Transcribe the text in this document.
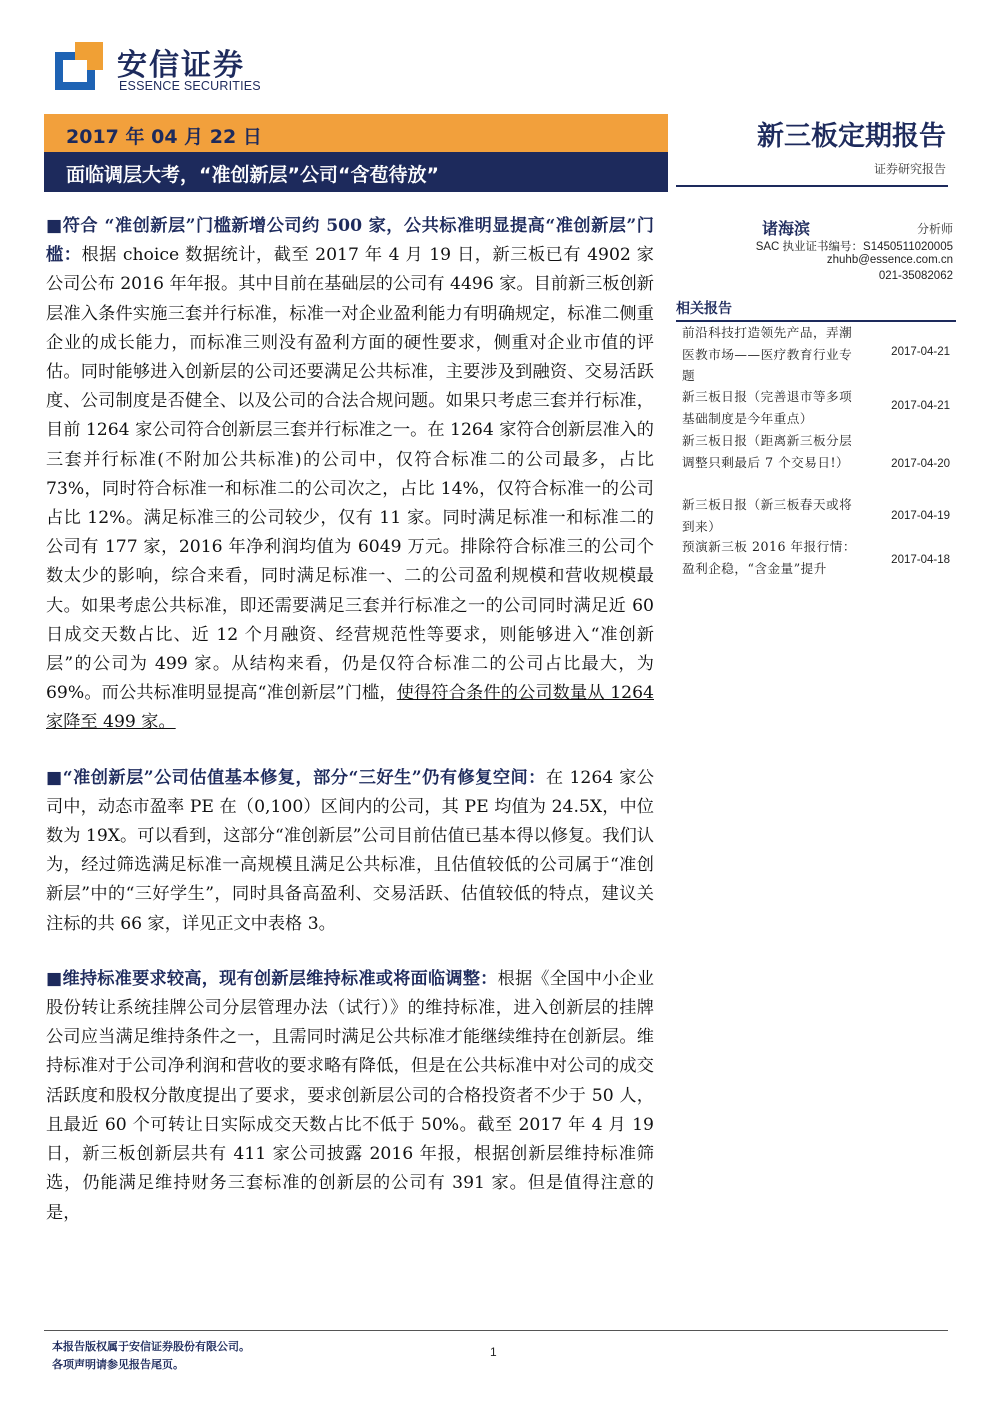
安信证券
ESSENCE SECURITIES
2017 年 04 月 22 日
面临调层大考，“准创新层”公司“含苞待放”
新三板定期报告
证券研究报告

■符合 “准创新层”门槛新增公司约 500 家，公共标准明显提高“准创新层”门槛：根据 choice 数据统计，截至 2017 年 4 月 19 日，新三板已有 4902 家公司公布 2016 年年报。其中目前在基础层的公司有 4496 家。目前新三板创新层准入条件实施三套并行标准，标准一对企业盈利能力有明确规定，标准二侧重企业的成长能力，而标准三则没有盈利方面的硬性要求，侧重对企业市值的评估。同时能够进入创新层的公司还要满足公共标准，主要涉及到融资、交易活跃度、公司制度是否健全、以及公司的合法合规问题。如果只考虑三套并行标准，目前 1264 家公司符合创新层三套并行标准之一。在 1264 家符合创新层准入的三套并行标准(不附加公共标准)的公司中，仅符合标准二的公司最多，占比 73%，同时符合标准一和标准二的公司次之，占比 14%，仅符合标准一的公司占比 12%。满足标准三的公司较少，仅有 11 家。同时满足标准一和标准二的公司有 177 家，2016 年净利润均值为 6049 万元。排除符合标准三的公司个数太少的影响，综合来看，同时满足标准一、二的公司盈利规模和营收规模最大。如果考虑公共标准，即还需要满足三套并行标准之一的公司同时满足近 60 日成交天数占比、近 12 个月融资、经营规范性等要求，则能够进入“准创新层”的公司为 499 家。从结构来看，仍是仅符合标准二的公司占比最大，为 69%。而公共标准明显提高“准创新层”门槛，使得符合条件的公司数量从 1264 家降至 499 家。

■“准创新层”公司估值基本修复，部分“三好生”仍有修复空间：在 1264 家公司中，动态市盈率 PE 在（0,100）区间内的公司，其 PE 均值为 24.5X，中位数为 19X。可以看到，这部分“准创新层”公司目前估值已基本得以修复。我们认为，经过筛选满足标准一高规模且满足公共标准，且估值较低的公司属于“准创新层”中的“三好学生”，同时具备高盈利、交易活跃、估值较低的特点，建议关注标的共 66 家，详见正文中表格 3。

■维持标准要求较高，现有创新层维持标准或将面临调整：根据《全国中小企业股份转让系统挂牌公司分层管理办法（试行）》的维持标准，进入创新层的挂牌公司应当满足维持条件之一，且需同时满足公共标准才能继续维持在创新层。维持标准对于公司净利润和营收的要求略有降低，但是在公共标准中对公司的成交活跃度和股权分散度提出了要求，要求创新层公司的合格投资者不少于 50 人，且最近 60 个可转让日实际成交天数占比不低于 50%。截至 2017 年 4 月 19 日，新三板创新层共有 411 家公司披露 2016 年报，根据创新层维持标准筛选，仍能满足维持财务三套标准的创新层的公司有 391 家。但是值得注意的是，

诸海滨	分析师
SAC 执业证书编号：S1450511020005
zhuhb@essence.com.cn
021-35082062
相关报告
前沿科技打造领先产品，弄潮医教市场——医疗教育行业专题
2017-04-21
新三板日报（完善退市等多项基础制度是今年重点）
2017-04-21
新三板日报（距离新三板分层调整只剩最后 7 个交易日!）	2017-04-20
新三板日报（新三板春天或将到来）
2017-04-19
预演新三板 2016 年报行情：盈利企稳，“含金量”提升
2017-04-18
本报告版权属于安信证券股份有限公司。
各项声明请参见报告尾页。
1
